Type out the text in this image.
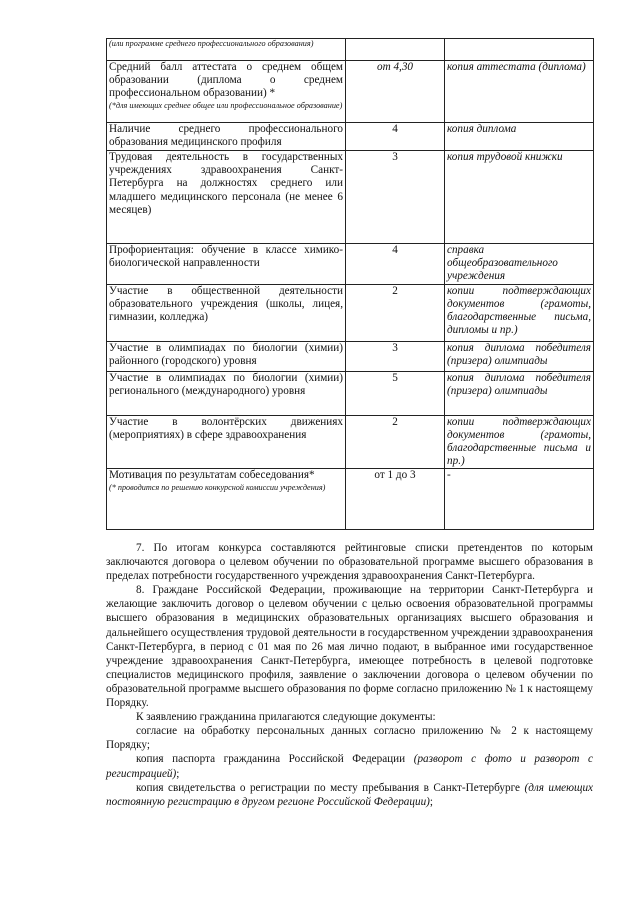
(или программе среднего профессионального образования)		

Средний балл аттестата о среднем общем образовании (диплома о среднем профессиональном образовании) *
(*для имеющих среднее общее или профессиональное образование)	от 4,30	копия аттестата (диплома)
Наличие среднего профессионального образования медицинского профиля	4	копия диплома
Трудовая деятельность в государственных учреждениях здравоохранения Санкт-Петербурга на должностях среднего или младшего медицинского персонала (не менее 6 месяцев)	3	копия трудовой книжки
Профориентация: обучение в классе химико-биологической направленности	4	справка общеобразовательного учреждения
Участие в общественной деятельности образовательного учреждения (школы, лицея, гимназии, колледжа)	2	копии подтверждающих документов (грамоты, благодарственные письма, дипломы и пр.)
Участие в олимпиадах по биологии (химии) районного (городского) уровня	3	копия диплома победителя (призера) олимпиады
Участие в олимпиадах по биологии (химии) регионального (международного) уровня	5	копия диплома победителя (призера) олимпиады
Участие в волонтёрских движениях (мероприятиях) в сфере здравоохранения	2	копии подтверждающих документов (грамоты, благодарственные письма и пр.)
Мотивация по результатам собеседования*
(* проводится по решению конкурсной комиссии учреждения)	от 1 до 3	-

7. По итогам конкурса составляются рейтинговые списки претендентов по которым заключаются договора о целевом обучении по образовательной программе высшего образования в пределах потребности государственного учреждения здравоохранения Санкт-Петербурга.

8. Граждане Российской Федерации, проживающие на территории Санкт-Петербурга и желающие заключить договор о целевом обучении с целью освоения образовательной программы высшего образования в медицинских образовательных организациях высшего образования и дальнейшего осуществления трудовой деятельности в государственном учреждении здравоохранения Санкт-Петербурга, в период с 01 мая по 26 мая лично подают, в выбранное ими государственное учреждение здравоохранения Санкт-Петербурга, имеющее потребность в целевой подготовке специалистов медицинского профиля, заявление о заключении договора о целевом обучении по образовательной программе высшего образования по форме согласно приложению № 1 к настоящему Порядку.

К заявлению гражданина прилагаются следующие документы:

согласие на обработку персональных данных согласно приложению № 2 к настоящему Порядку;

копия паспорта гражданина Российской Федерации (разворот с фото и разворот с регистрацией);

копия свидетельства о регистрации по месту пребывания в Санкт-Петербурге (для имеющих постоянную регистрацию в другом регионе Российской Федерации);
